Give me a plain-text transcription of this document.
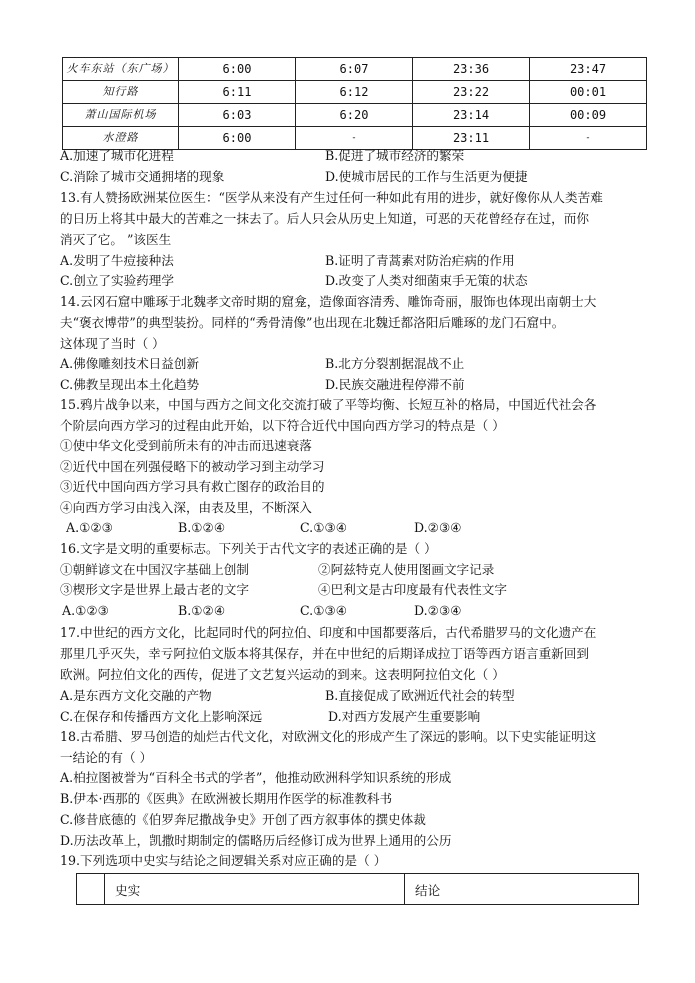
火车东站（东广场）	6:00	6:07	23:36	23:47
知行路	6:11	6:12	23:22	00:01
萧山国际机场	6:03	6:20	23:14	00:09
水澄路	6:00	-	23:11	-
A.加速了城市化进程	B.促进了城市经济的繁荣
C.消除了城市交通拥堵的现象	D.使城市居民的工作与生活更为便捷
13.有人赞扬欧洲某位医生：“医学从来没有产生过任何一种如此有用的进步，就好像你从人类苦难
的日历上将其中最大的苦难之一抹去了。后人只会从历史上知道，可恶的天花曾经存在过，而你
消灭了它。 ”该医生
A.发明了牛痘接种法	B.证明了青蒿素对防治疟病的作用
C.创立了实验药理学	D.改变了人类对细菌束手无策的状态
14.云冈石窟中雕琢于北魏孝文帝时期的窟龛，造像面容清秀、雕饰奇丽，服饰也体现出南朝士大
夫“褒衣博带”的典型装扮。同样的“秀骨清像”也出现在北魏迁都洛阳后雕琢的龙门石窟中。
这体现了当时（ ）
A.佛像雕刻技术日益创新	B.北方分裂割据混战不止
C.佛教呈现出本土化趋势	D.民族交融进程停滞不前
15.鸦片战争以来，中国与西方之间文化交流打破了平等均衡、长短互补的格局，中国近代社会各
个阶层向西方学习的过程由此开始，以下符合近代中国向西方学习的特点是（ ）
①使中华文化受到前所未有的冲击而迅速衰落
②近代中国在列强侵略下的被动学习到主动学习
③近代中国向西方学习具有救亡图存的政治目的
④向西方学习由浅入深，由表及里，不断深入
A.①②③	B.①②④	C.①③④	D.②③④
16.文字是文明的重要标志。下列关于古代文字的表述正确的是（ ）
①朝鲜谚文在中国汉字基础上创制	②阿兹特克人使用图画文字记录
③楔形文字是世界上最古老的文字	④巴利文是古印度最有代表性文字
A.①②③	B.①②④	C.①③④	D.②③④
17.中世纪的西方文化，比起同时代的阿拉伯、印度和中国都要落后，古代希腊罗马的文化遗产在
那里几乎灭失，幸亏阿拉伯文版本将其保存，并在中世纪的后期译成拉丁语等西方语言重新回到
欧洲。阿拉伯文化的西传，促进了文艺复兴运动的到来。这表明阿拉伯文化（ ）
A.是东西方文化交融的产物	B.直接促成了欧洲近代社会的转型
C.在保存和传播西方文化上影响深远	D.对西方发展产生重要影响
18.古希腊、罗马创造的灿烂古代文化，对欧洲文化的形成产生了深远的影响。以下史实能证明这
一结论的有（ ）
A.柏拉图被誉为“百科全书式的学者”，他推动欧洲科学知识系统的形成
B.伊本·西那的《医典》在欧洲被长期用作医学的标准教科书
C.修昔底德的《伯罗奔尼撒战争史》开创了西方叙事体的撰史体裁
D.历法改革上，凯撒时期制定的儒略历后经修订成为世界上通用的公历
19.下列选项中史实与结论之间逻辑关系对应正确的是（ ）
	史实	结论
